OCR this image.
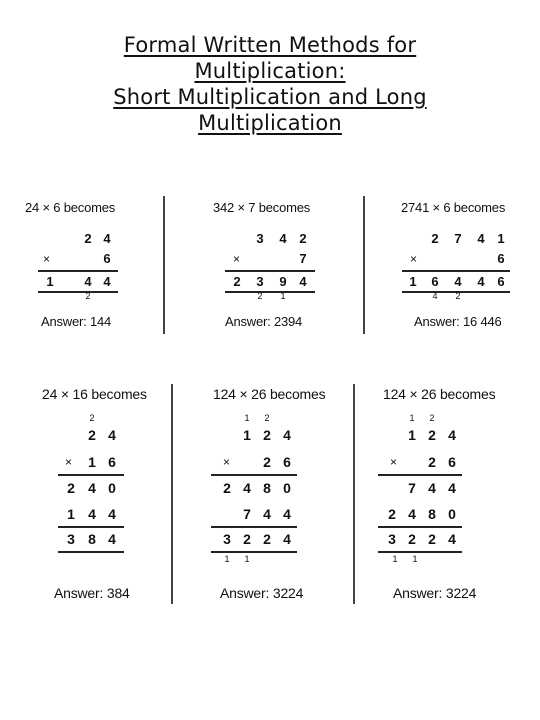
Formal Written Methods for
Multiplication:
Short Multiplication and Long
Multiplication
24 × 6 becomes
2 4
×	6
1 4 4
2
Answer: 144
342 × 7 becomes
3 4 2
×	7
2 3 9 4
2	1
Answer: 2394
2741 × 6 becomes
2 7 4 1
×	6
1 6 4 4 6
4	2
Answer: 16 446
24 × 16 becomes
2
2 4
× 1 6
2 4 0
1 4 4
3 8 4
Answer: 384
124 × 26 becomes
1	2
1 2 4
× 2 6
2 4 8 0
7 4 4
3 2 2 4
1	1
Answer: 3224
124 × 26 becomes
1	2
1 2 4
× 2 6
7 4 4
2 4 8 0
3 2 2 4
1	1
Answer: 3224
